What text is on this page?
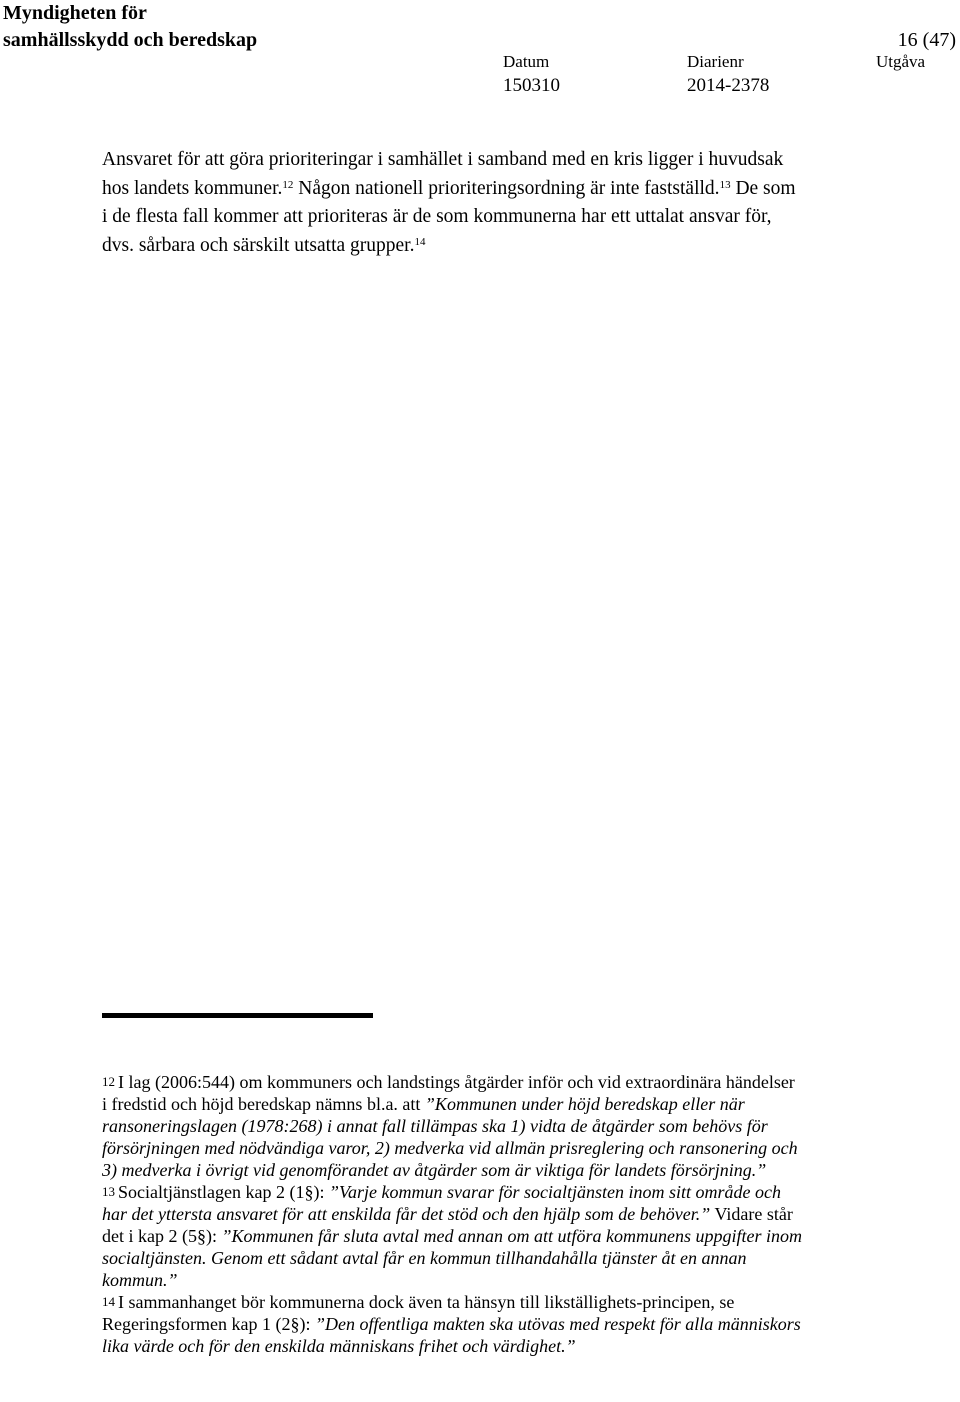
Myndigheten för
samhällsskydd och beredskap	16 (47)
Datum	Diarienr	Utgåva
150310	2014-2378
Ansvaret för att göra prioriteringar i samhället i samband med en kris ligger i huvudsak hos landets kommuner.$^{12}$ Någon nationell prioriteringsordning är inte fastställd.$^{13}$ De som i de flesta fall kommer att prioriteras är de som kommunerna har ett uttalat ansvar för, dvs. sårbara och särskilt utsatta grupper.$^{14}$

12 I lag (2006:544) om kommuners och landstings åtgärder inför och vid extraordinära händelser i fredstid och höjd beredskap nämns bl.a. att ”Kommunen under höjd beredskap eller när ransoneringslagen (1978:268) i annat fall tillämpas ska 1) vidta de åtgärder som behövs för försörjningen med nödvändiga varor, 2) medverka vid allmän prisreglering och ransonering och 3) medverka i övrigt vid genomförandet av åtgärder som är viktiga för landets försörjning.”

13 Socialtjänstlagen kap 2 (1§): ”Varje kommun svarar för socialtjänsten inom sitt område och har det yttersta ansvaret för att enskilda får det stöd och den hjälp som de behöver.” Vidare står det i kap 2 (5§): ”Kommunen får sluta avtal med annan om att utföra kommunens uppgifter inom socialtjänsten. Genom ett sådant avtal får en kommun tillhandahålla tjänster åt en annan kommun.”

14 I sammanhanget bör kommunerna dock även ta hänsyn till likställighets-principen, se Regeringsformen kap 1 (2§): ”Den offentliga makten ska utövas med respekt för alla människors lika värde och för den enskilda människans frihet och värdighet.”
